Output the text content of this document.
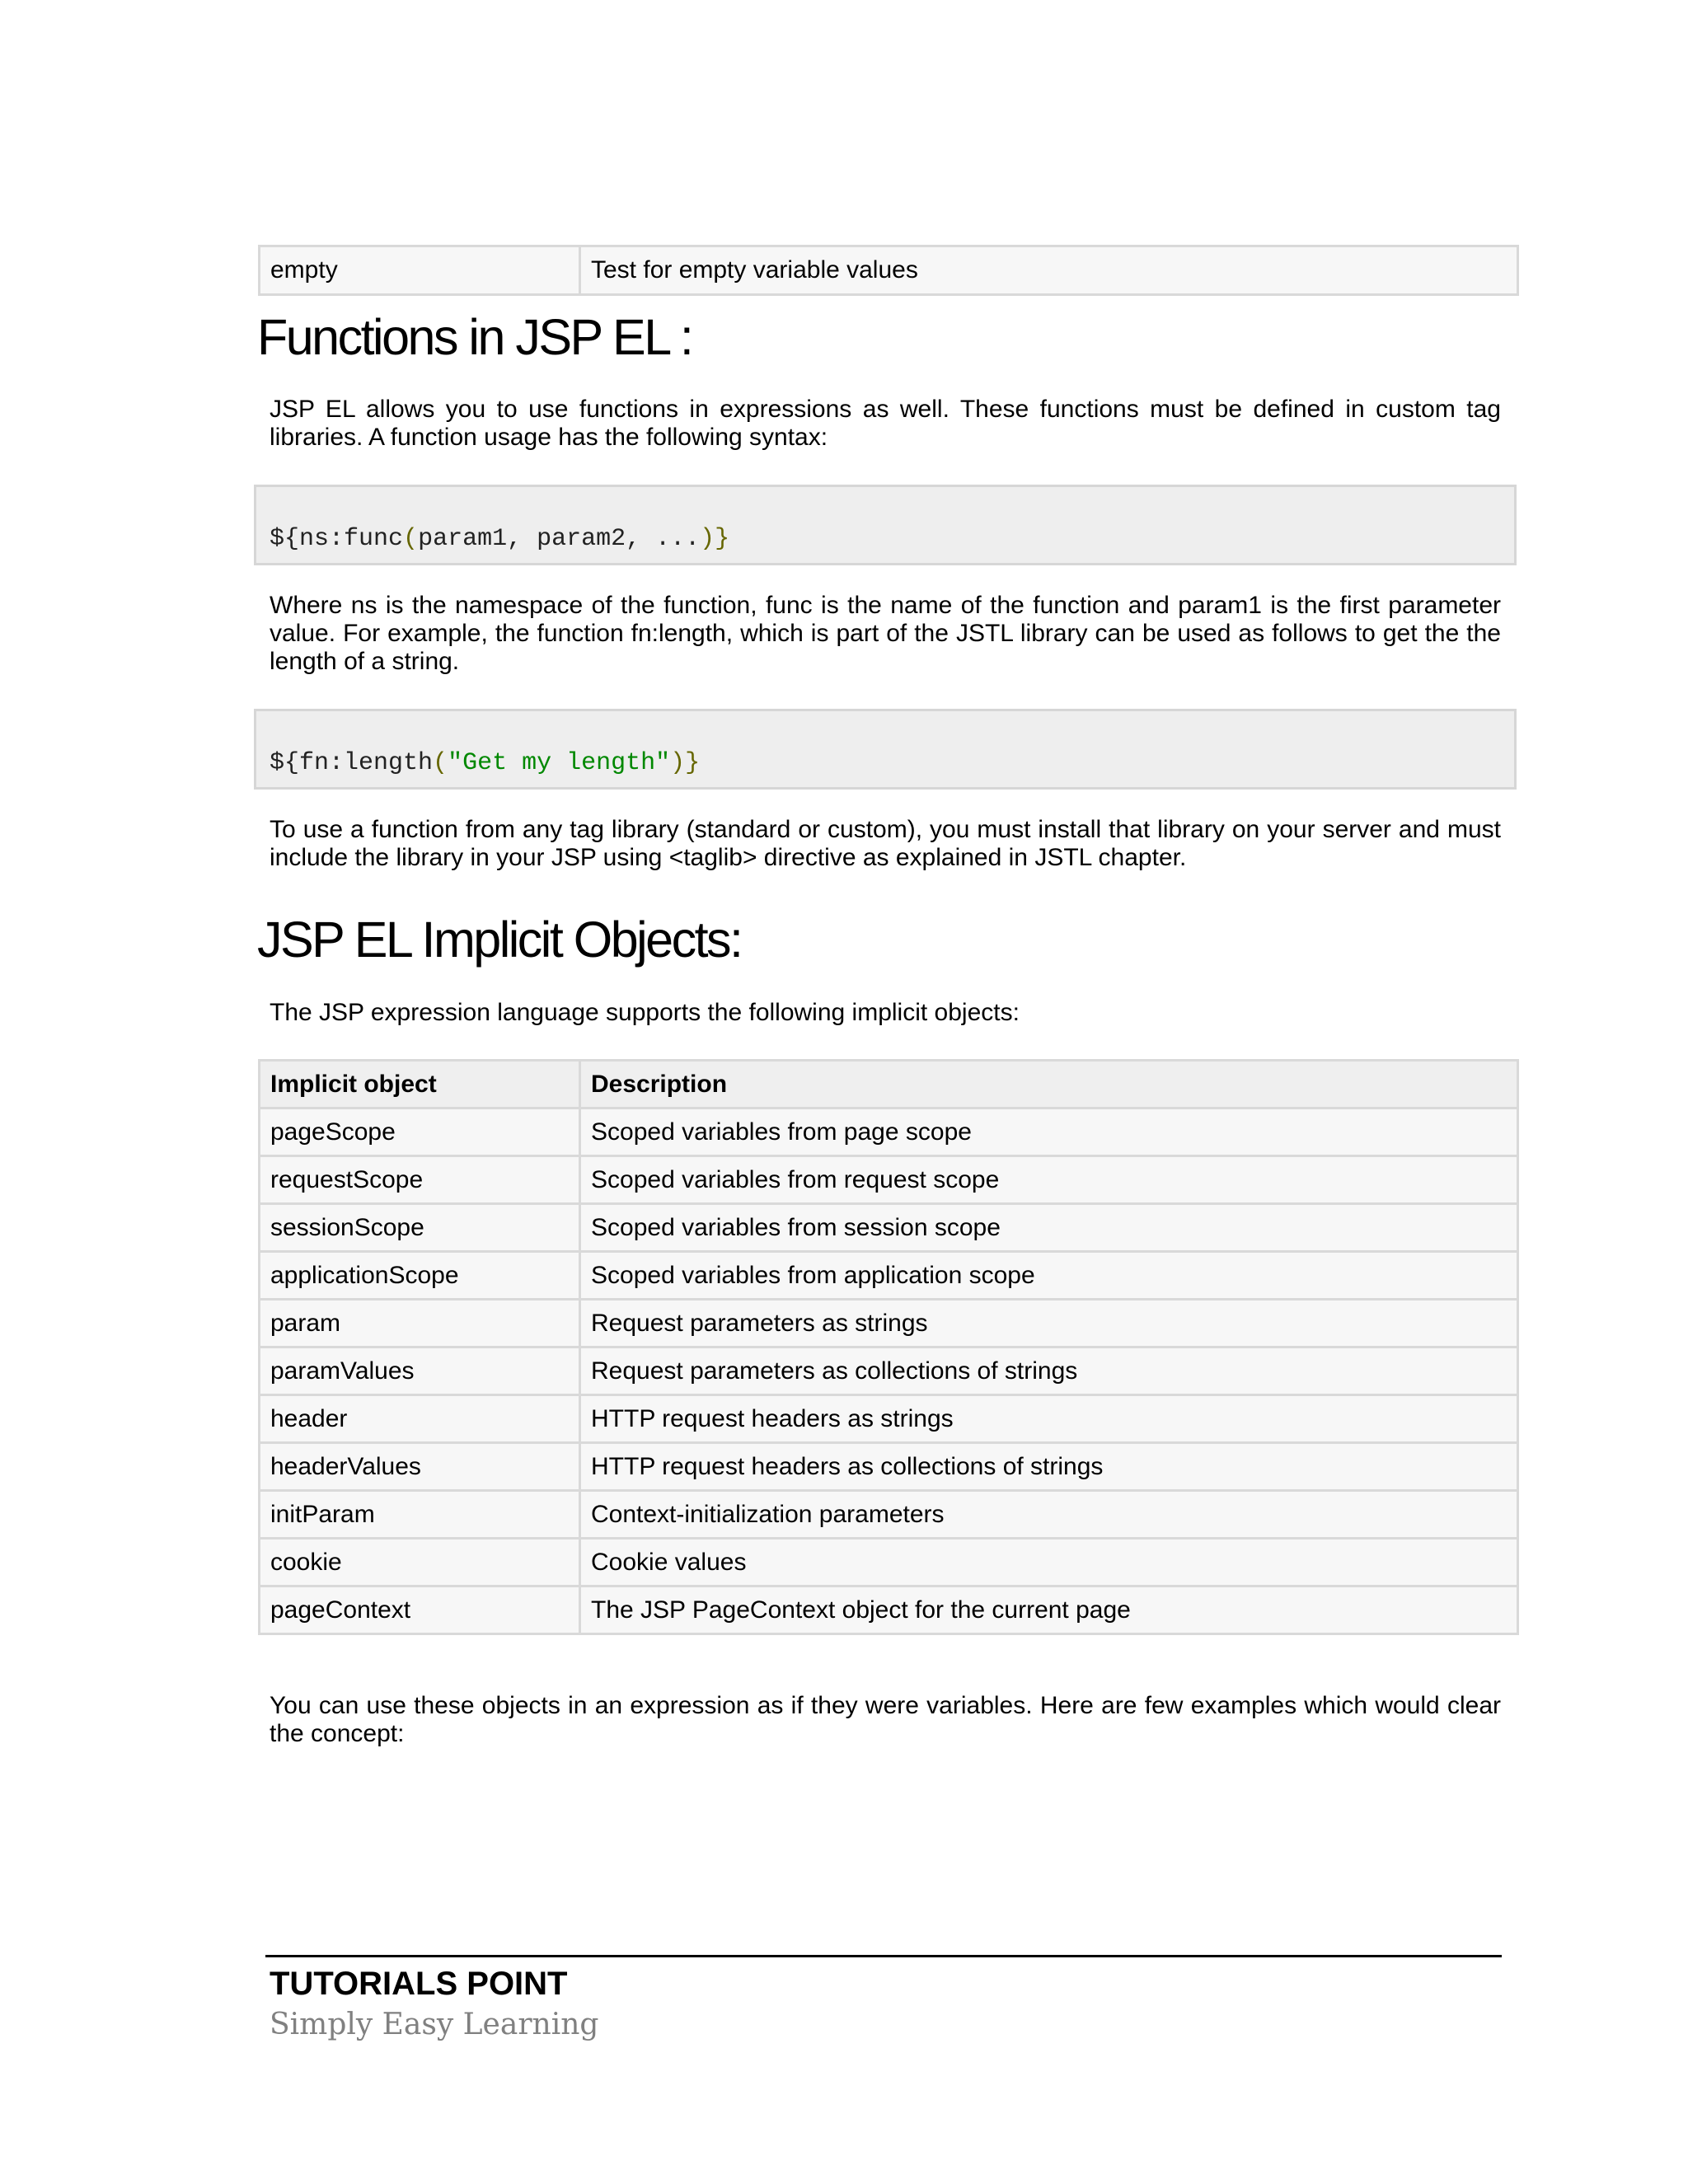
empty	Test for empty variable values
Functions in JSP EL :

JSP EL allows you to use functions in expressions as well. These functions must be defined in custom tag libraries. A function usage has the following syntax:

${ns:func(param1, param2, ...)}

Where ns is the namespace of the function, func is the name of the function and param1 is the first parameter value. For example, the function fn:length, which is part of the JSTL library can be used as follows to get the the length of a string.

${fn:length("Get my length")}

To use a function from any tag library (standard or custom), you must install that library on your server and must include the library in your JSP using <taglib> directive as explained in JSTL chapter.

JSP EL Implicit Objects:

The JSP expression language supports the following implicit objects:

Implicit object	Description
pageScope	Scoped variables from page scope
requestScope	Scoped variables from request scope
sessionScope	Scoped variables from session scope
applicationScope	Scoped variables from application scope
param	Request parameters as strings
paramValues	Request parameters as collections of strings
header	HTTP request headers as strings
headerValues	HTTP request headers as collections of strings
initParam	Context-initialization parameters
cookie	Cookie values
pageContext	The JSP PageContext object for the current page

You can use these objects in an expression as if they were variables. Here are few examples which would clear the concept:

TUTORIALS POINT

Simply Easy Learning
